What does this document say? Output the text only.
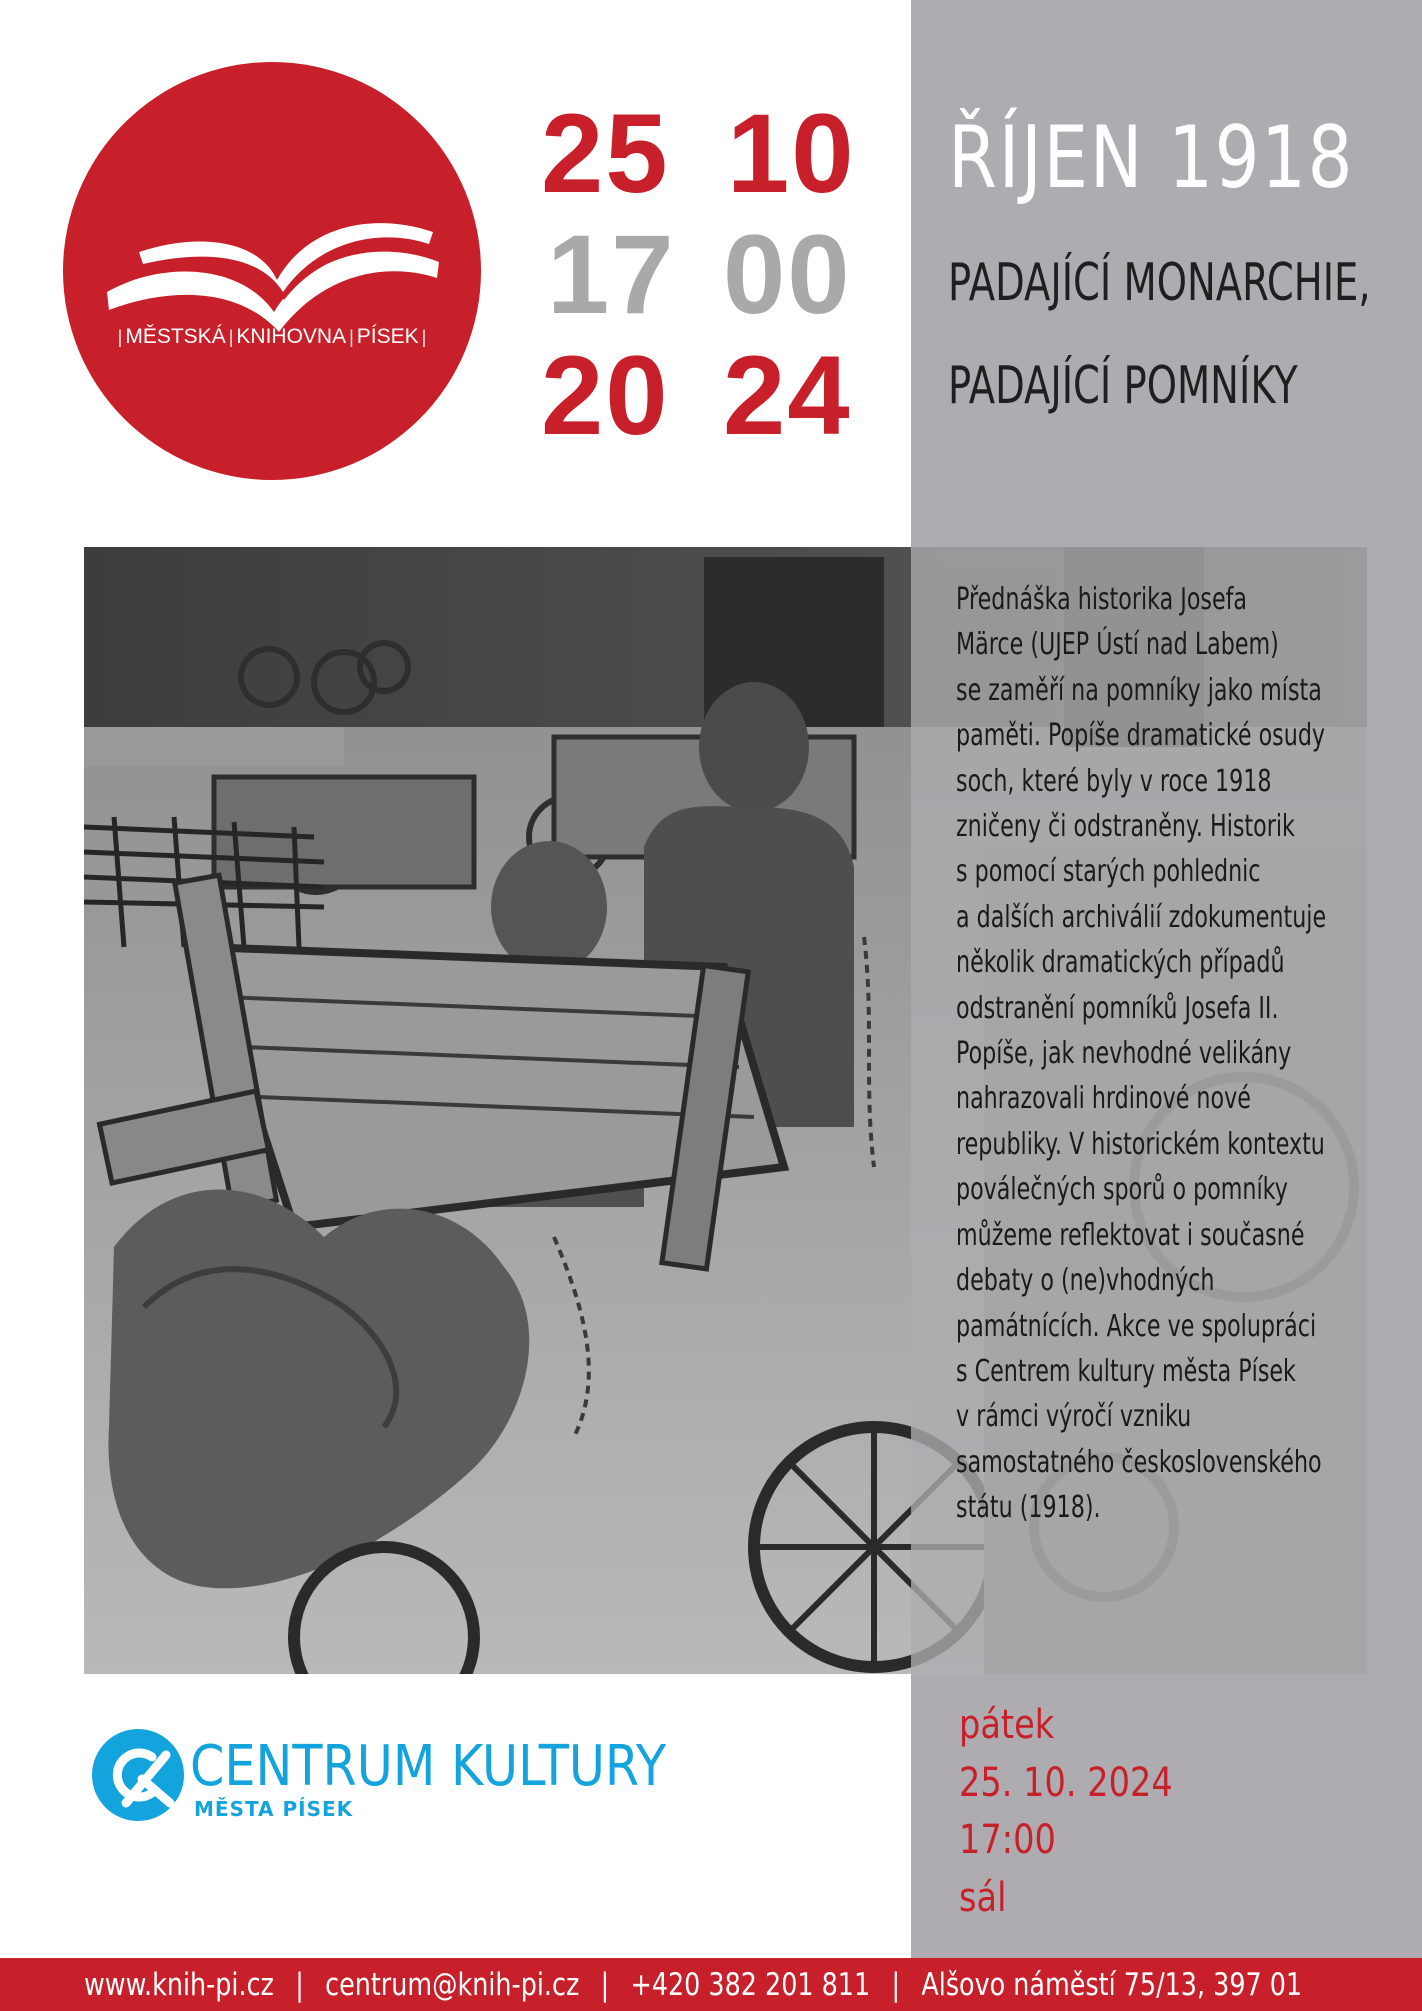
| MĚSTSKÁ | KNIHOVNA | PÍSEK |
25 10
17 00
20 24
ŘÍJEN 1918
PADAJÍCÍ MONARCHIE,
PADAJÍCÍ POMNÍKY
Přednáška historika Josefa
Märce (UJEP Ústí nad Labem)
se zaměří na pomníky jako místa
paměti. Popíše dramatické osudy
soch, které byly v roce 1918
zničeny či odstraněny. Historik
s pomocí starých pohlednic
a dalších archiválií zdokumentuje
několik dramatických případů
odstranění pomníků Josefa II.
Popíše, jak nevhodné velikány
nahrazovali hrdinové nové
republiky. V historickém kontextu
poválečných sporů o pomníky
můžeme reflektovat i současné
debaty o (ne)vhodných
památnících. Akce ve spolupráci
s Centrem kultury města Písek
v rámci výročí vzniku
samostatného československého
státu (1918).
CENTRUM KULTURY
MĚSTA PÍSEK
pátek
25. 10. 2024
17:00
sál
www.knih-pi.cz | centrum@knih-pi.cz | +420 382 201 811 | Alšovo náměstí 75/13, 397 01
